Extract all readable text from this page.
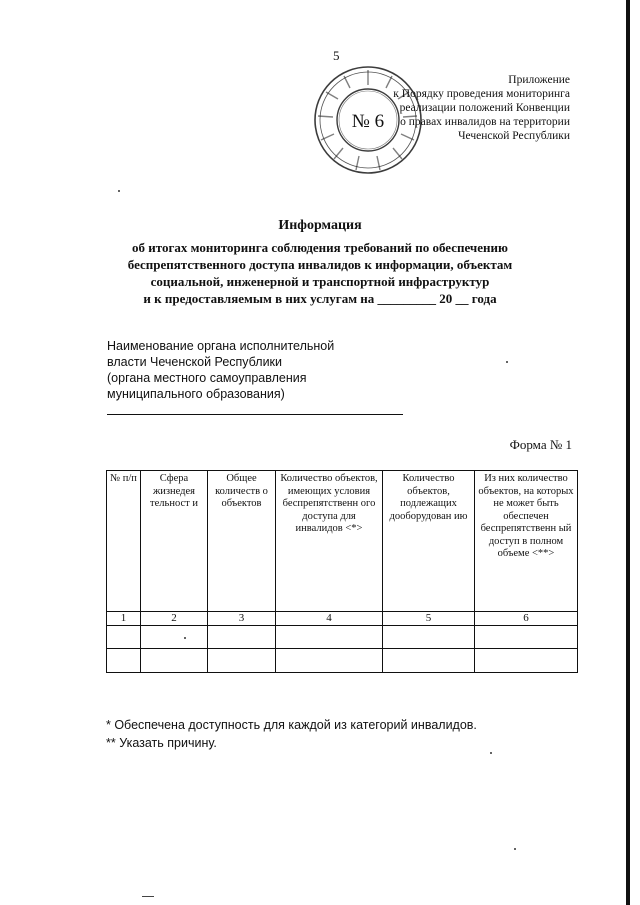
5
№ 6
Приложение
к Порядку проведения мониторинга
реализации положений Конвенции
о правах инвалидов на территории
Чеченской Республики
Информация
об итогах мониторинга соблюдения требований по обеспечению
беспрепятственного доступа инвалидов к информации, объектам
социальной, инженерной и транспортной инфраструктур
и к предоставляемым в них услугам на _________ 20 __ года
Наименование органа исполнительной
власти Чеченской Республики
(органа местного самоуправления
муниципального образования)
Форма № 1
№ п/п	Сфера жизнедея тельност и	Общее количеств о объектов	Количество объектов, имеющих условия беспрепятственн ого доступа для инвалидов <*>	Количество объектов, подлежащих дооборудован ию	Из них количество объектов, на которых не может быть обеспечен беспрепятственн ый доступ в полном объеме <**>
1	2	3	4	5	6

* Обеспечена доступность для каждой из категорий инвалидов.
** Указать причину.
